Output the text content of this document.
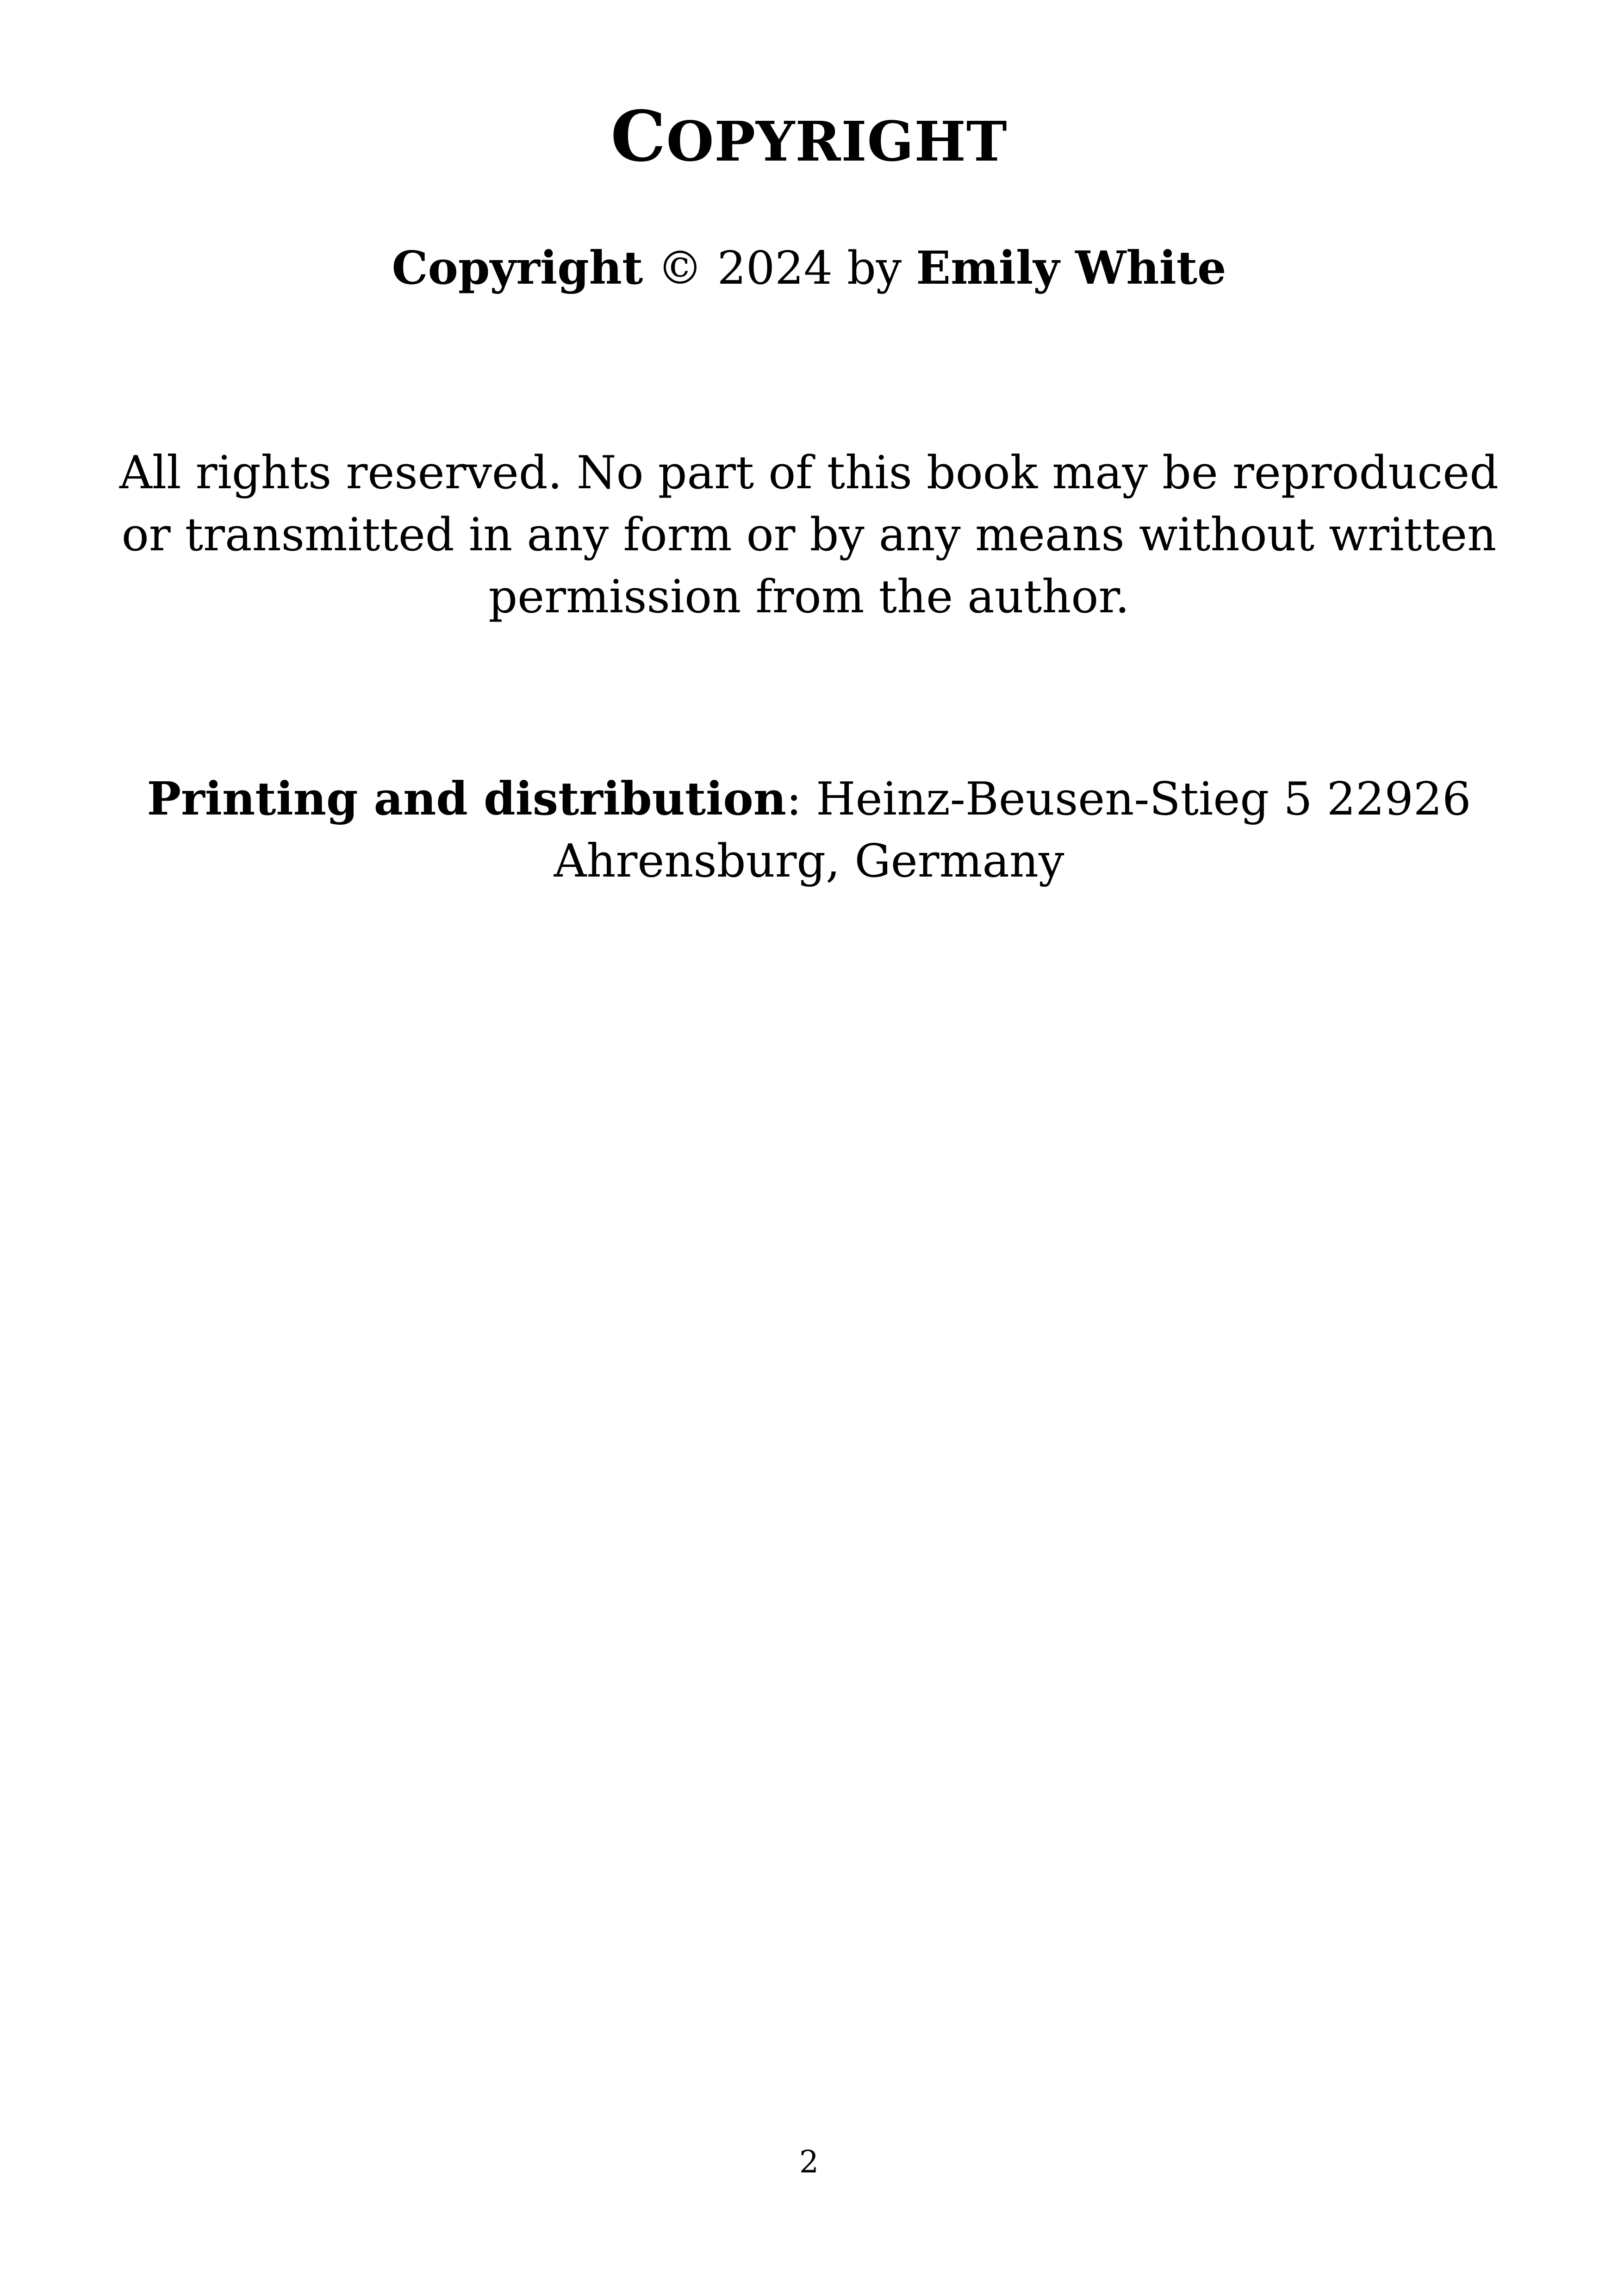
COPYRIGHT
Copyright © 2024 by Emily White
All rights reserved. No part of this book may be reproduced or transmitted in any form or by any means without written permission from the author.
Printing and distribution: Heinz-Beusen-Stieg 5 22926 Ahrensburg, Germany
2
